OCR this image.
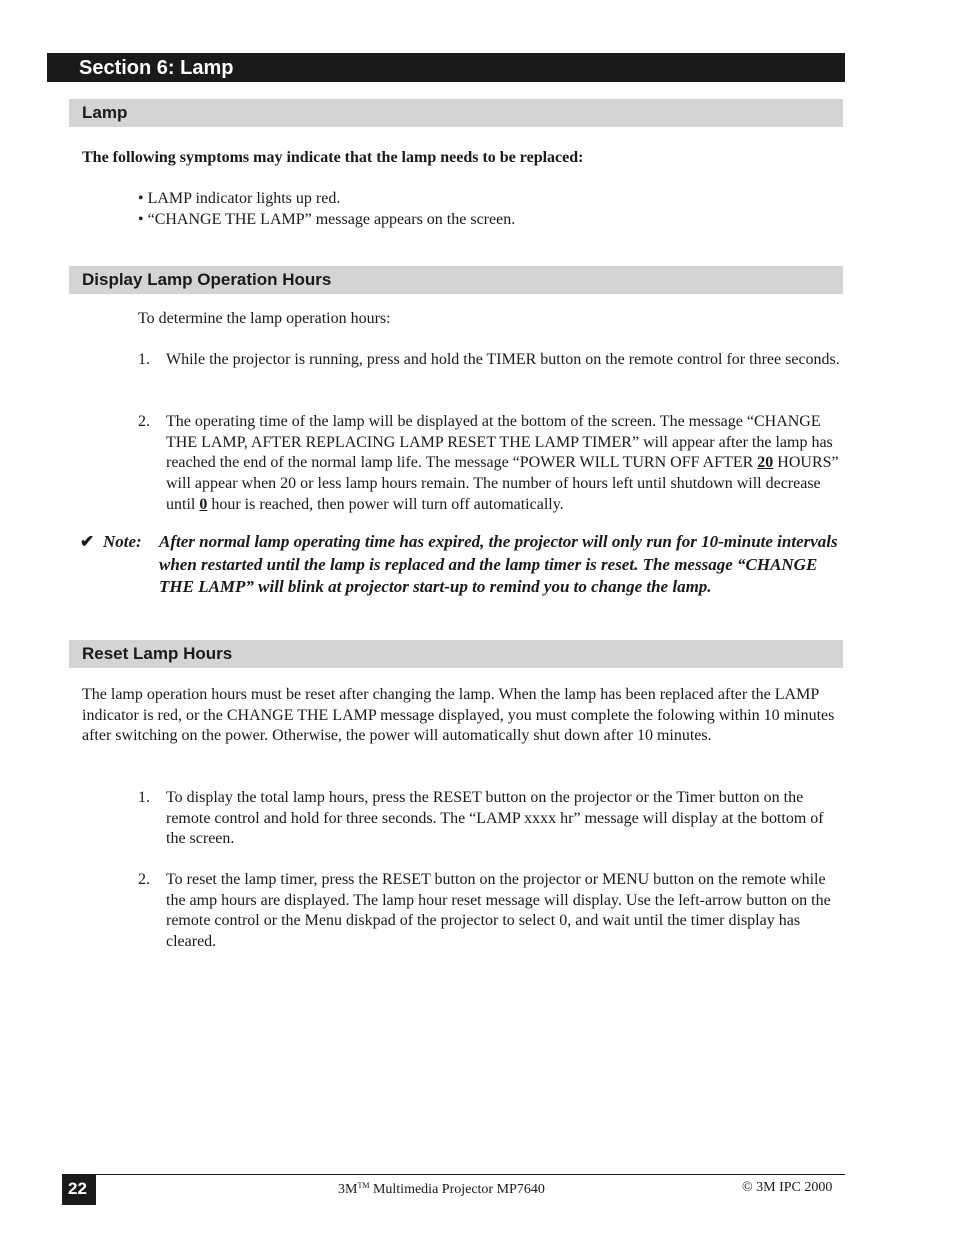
Section 6: Lamp
Lamp
The following symptoms may indicate that the lamp needs to be replaced:
• LAMP indicator lights up red.
• “CHANGE THE LAMP” message appears on the screen.
Display Lamp Operation Hours
To determine the lamp operation hours:
1. While the projector is running, press and hold the TIMER button on the remote control for three seconds.
2. The operating time of the lamp will be displayed at the bottom of the screen. The message “CHANGE THE LAMP, AFTER REPLACING LAMP RESET THE LAMP TIMER” will appear after the lamp has reached the end of the normal lamp life. The message “POWER WILL TURN OFF AFTER 20 HOURS” will appear when 20 or less lamp hours remain. The number of hours left until shutdown will decrease until 0 hour is reached, then power will turn off automatically.
✔ Note: After normal lamp operating time has expired, the projector will only run for 10-minute intervals when restarted until the lamp is replaced and the lamp timer is reset. The message “CHANGE THE LAMP” will blink at projector start-up to remind you to change the lamp.
Reset Lamp Hours
The lamp operation hours must be reset after changing the lamp. When the lamp has been replaced after the LAMP indicator is red, or the CHANGE THE LAMP message displayed, you must complete the folowing within 10 minutes after switching on the power. Otherwise, the power will automatically shut down after 10 minutes.
1. To display the total lamp hours, press the RESET button on the projector or the Timer button on the remote control and hold for three seconds. The “LAMP xxxx hr” message will display at the bottom of the screen.
2. To reset the lamp timer, press the RESET button on the projector or MENU button on the remote while the amp hours are displayed. The lamp hour reset message will display. Use the left-arrow button on the remote control or the Menu diskpad of the projector to select 0, and wait until the timer display has cleared.
22	3M™ Multimedia Projector MP7640	© 3M IPC 2000
